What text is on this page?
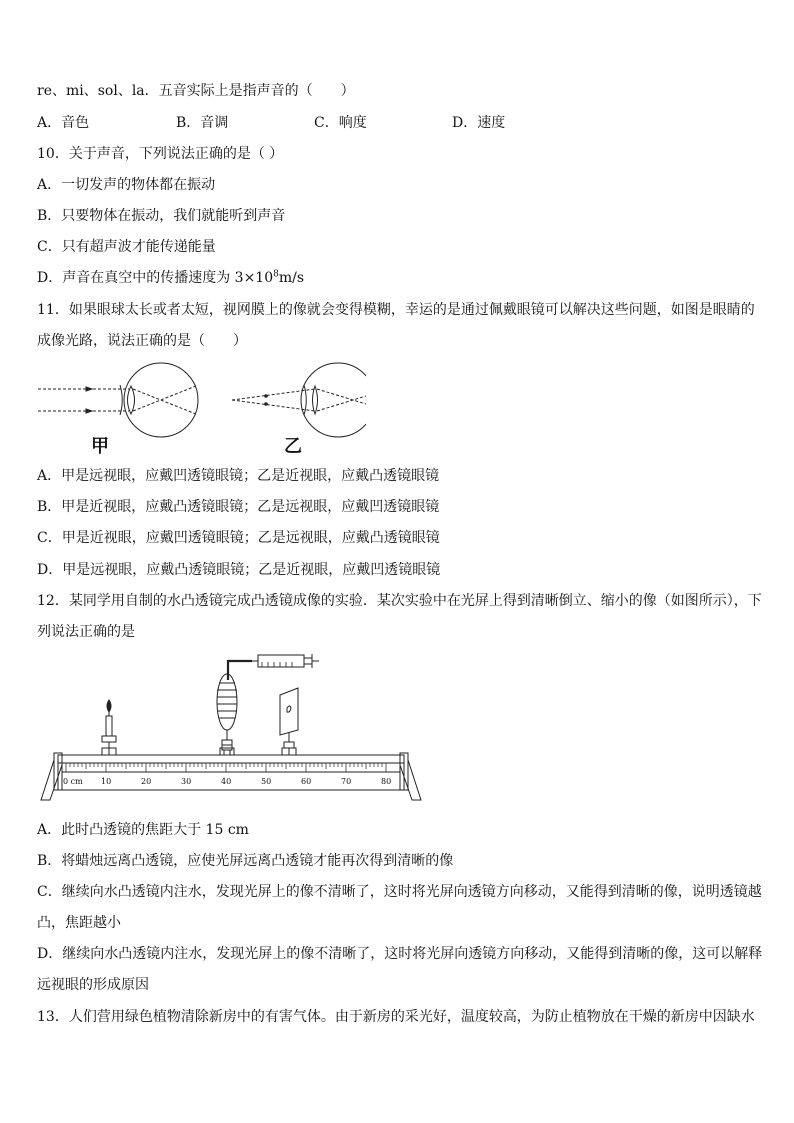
re、mi、sol、la．五音实际上是指声音的（　　）
A．音色	B．音调	C．响度	D．速度
10．关于声音，下列说法正确的是（ ）
A．一切发声的物体都在振动
B．只要物体在振动，我们就能听到声音
C．只有超声波才能传递能量
D．声音在真空中的传播速度为 $3\times 10^8m/s$
11．如果眼球太长或者太短，视网膜上的像就会变得模糊，幸运的是通过佩戴眼镜可以解决这些问题，如图是眼睛的
成像光路，说法正确的是（　　）
甲	乙
A．甲是远视眼，应戴凹透镜眼镜；乙是近视眼，应戴凸透镜眼镜
B．甲是近视眼，应戴凸透镜眼镜；乙是远视眼，应戴凹透镜眼镜
C．甲是近视眼，应戴凹透镜眼镜；乙是远视眼，应戴凸透镜眼镜
D．甲是远视眼，应戴凸透镜眼镜；乙是近视眼，应戴凹透镜眼镜
12．某同学用自制的水凸透镜完成凸透镜成像的实验．某次实验中在光屏上得到清晰倒立、缩小的像（如图所示），下
列说法正确的是
0 cm 10	20	30	40	50	60	70	80
A．此时凸透镜的焦距大于 15 cm
B．将蜡烛远离凸透镜，应使光屏远离凸透镜才能再次得到清晰的像
C．继续向水凸透镜内注水，发现光屏上的像不清晰了，这时将光屏向透镜方向移动，又能得到清晰的像，说明透镜越
凸，焦距越小
D．继续向水凸透镜内注水，发现光屏上的像不清晰了，这时将光屏向透镜方向移动，又能得到清晰的像，这可以解释
远视眼的形成原因
13．人们营用绿色植物清除新房中的有害气体。由于新房的采光好，温度较高，为防止植物放在干燥的新房中因缺水
